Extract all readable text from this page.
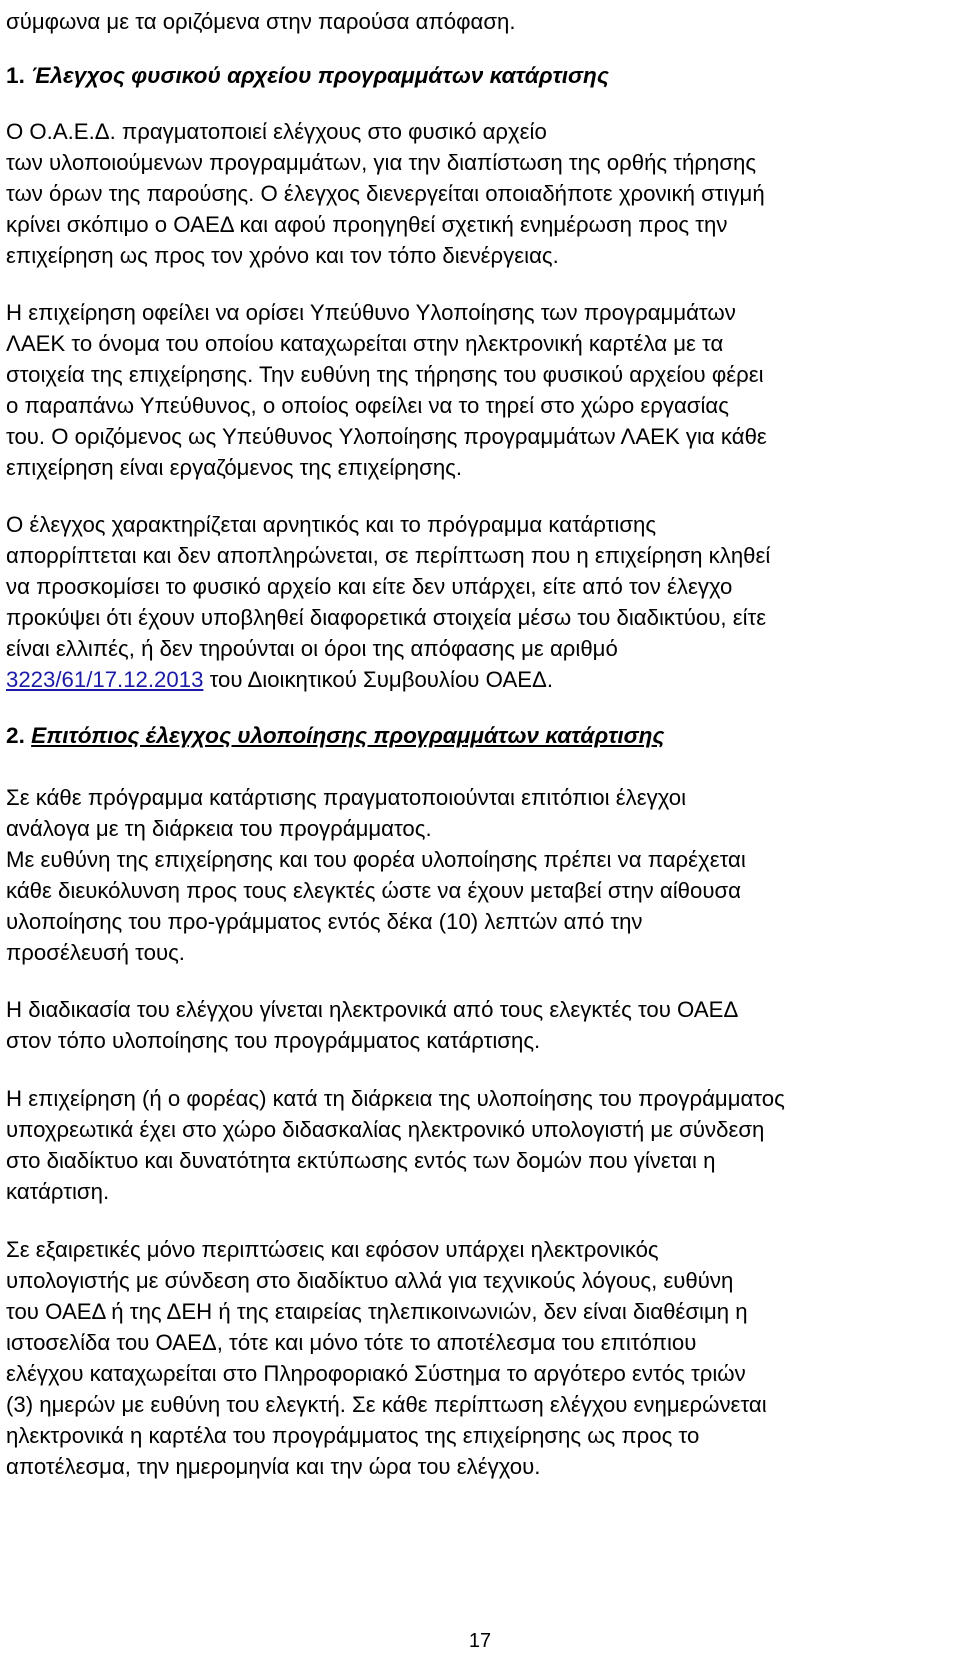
σύμφωνα με τα οριζόμενα στην παρούσα απόφαση.
1. Έλεγχος φυσικού αρχείου προγραμμάτων κατάρτισης
Ο Ο.Α.Ε.Δ. πραγματοποιεί ελέγχους στο φυσικό αρχείο
των υλοποιούμενων προγραμμάτων, για την διαπίστωση της ορθής τήρησης
των όρων της παρούσης. Ο έλεγχος διενεργείται οποιαδήποτε χρονική στιγμή
κρίνει σκόπιμο ο ΟΑΕΔ και αφού προηγηθεί σχετική ενημέρωση προς την
επιχείρηση ως προς τον χρόνο και τον τόπο διενέργειας.
Η επιχείρηση οφείλει να ορίσει Υπεύθυνο Υλοποίησης των προγραμμάτων
ΛΑΕΚ το όνομα του οποίου καταχωρείται στην ηλεκτρονική καρτέλα με τα
στοιχεία της επιχείρησης. Την ευθύνη της τήρησης του φυσικού αρχείου φέρει
ο παραπάνω Υπεύθυνος, ο οποίος οφείλει να το τηρεί στο χώρο εργασίας
του. Ο οριζόμενος ως Υπεύθυνος Υλοποίησης προγραμμάτων ΛΑΕΚ για κάθε
επιχείρηση είναι εργαζόμενος της επιχείρησης.
Ο έλεγχος χαρακτηρίζεται αρνητικός και το πρόγραμμα κατάρτισης
απορρίπτεται και δεν αποπληρώνεται, σε περίπτωση που η επιχείρηση κληθεί
να προσκομίσει το φυσικό αρχείο και είτε δεν υπάρχει, είτε από τον έλεγχο
προκύψει ότι έχουν υποβληθεί διαφορετικά στοιχεία μέσω του διαδικτύου, είτε
είναι ελλιπές, ή δεν τηρούνται οι όροι της απόφασης με αριθμό
3223/61/17.12.2013 του Διοικητικού Συμβουλίου ΟΑΕΔ.
2. Επιτόπιος έλεγχος υλοποίησης προγραμμάτων κατάρτισης
Σε κάθε πρόγραμμα κατάρτισης πραγματοποιούνται επιτόπιοι έλεγχοι
ανάλογα με τη διάρκεια του προγράμματος.
Με ευθύνη της επιχείρησης και του φορέα υλοποίησης πρέπει να παρέχεται
κάθε διευκόλυνση προς τους ελεγκτές ώστε να έχουν μεταβεί στην αίθουσα
υλοποίησης του προ-γράμματος εντός δέκα (10) λεπτών από την
προσέλευσή τους.
Η διαδικασία του ελέγχου γίνεται ηλεκτρονικά από τους ελεγκτές του ΟΑΕΔ
στον τόπο υλοποίησης του προγράμματος κατάρτισης.
Η επιχείρηση (ή ο φορέας) κατά τη διάρκεια της υλοποίησης του προγράμματος
υποχρεωτικά έχει στο χώρο διδασκαλίας ηλεκτρονικό υπολογιστή με σύνδεση
στο διαδίκτυο και δυνατότητα εκτύπωσης εντός των δομών που γίνεται η
κατάρτιση.
Σε εξαιρετικές μόνο περιπτώσεις και εφόσον υπάρχει ηλεκτρονικός
υπολογιστής με σύνδεση στο διαδίκτυο αλλά για τεχνικούς λόγους, ευθύνη
του ΟΑΕΔ ή της ΔΕΗ ή της εταιρείας τηλεπικοινωνιών, δεν είναι διαθέσιμη η
ιστοσελίδα του ΟΑΕΔ, τότε και μόνο τότε το αποτέλεσμα του επιτόπιου
ελέγχου καταχωρείται στο Πληροφοριακό Σύστημα το αργότερο εντός τριών
(3) ημερών με ευθύνη του ελεγκτή. Σε κάθε περίπτωση ελέγχου ενημερώνεται
ηλεκτρονικά η καρτέλα του προγράμματος της επιχείρησης ως προς το
αποτέλεσμα, την ημερομηνία και την ώρα του ελέγχου.
17
